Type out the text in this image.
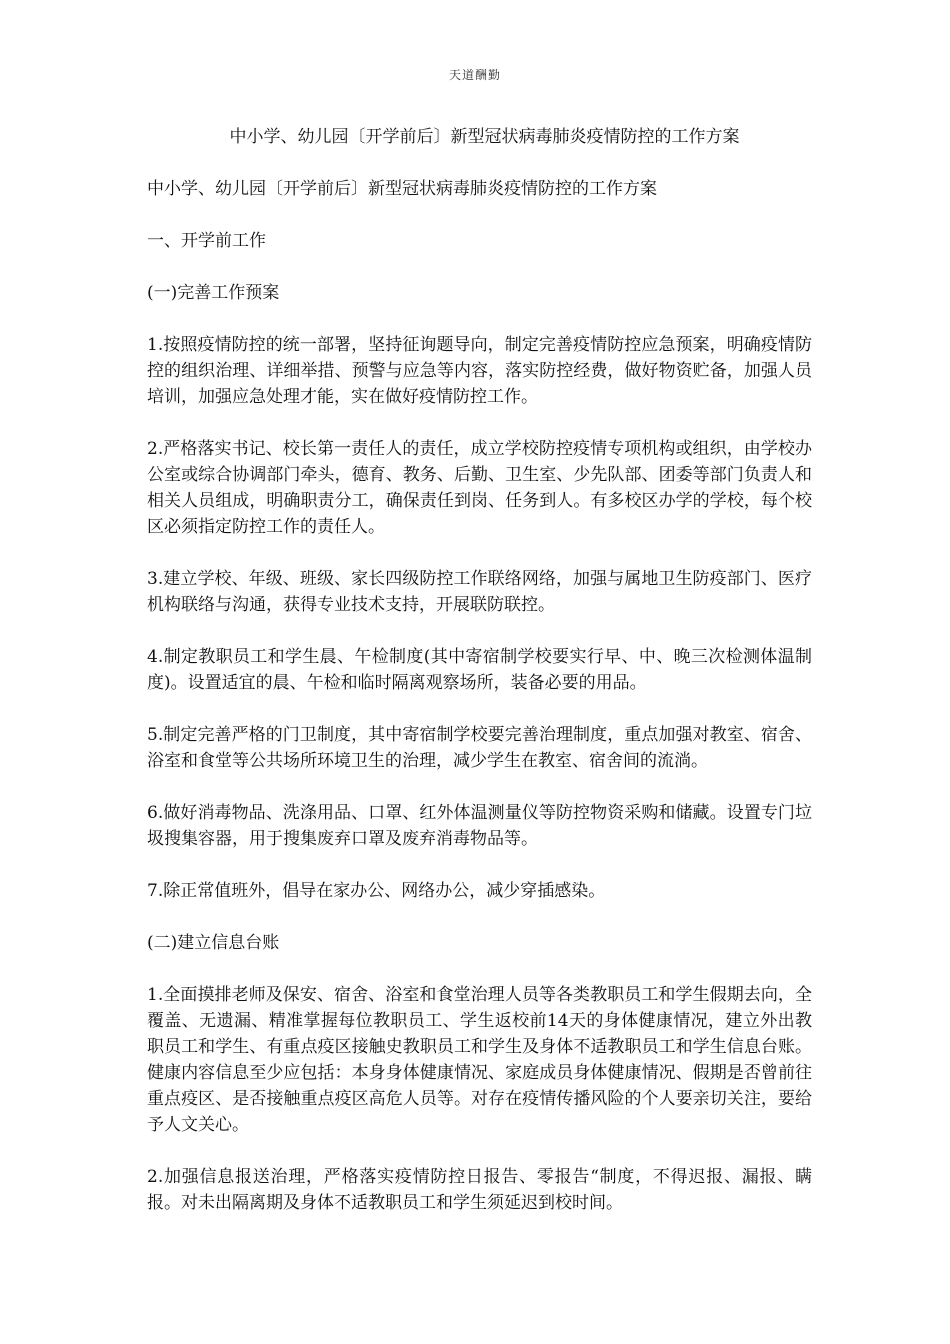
天道酬勤
中小学、幼儿园〔开学前后〕新型冠状病毒肺炎疫情防控的工作方案

中小学、幼儿园〔开学前后〕新型冠状病毒肺炎疫情防控的工作方案

一、开学前工作

(一)完善工作预案

1.按照疫情防控的统一部署，坚持征询题导向，制定完善疫情防控应急预案，明确疫情防控的组织治理、详细举措、预警与应急等内容，落实防控经费，做好物资贮备，加强人员培训，加强应急处理才能，实在做好疫情防控工作。

2.严格落实书记、校长第一责任人的责任，成立学校防控疫情专项机构或组织，由学校办公室或综合协调部门牵头，德育、教务、后勤、卫生室、少先队部、团委等部门负责人和相关人员组成，明确职责分工，确保责任到岗、任务到人。有多校区办学的学校，每个校区必须指定防控工作的责任人。

3.建立学校、年级、班级、家长四级防控工作联络网络，加强与属地卫生防疫部门、医疗机构联络与沟通，获得专业技术支持，开展联防联控。

4.制定教职员工和学生晨、午检制度(其中寄宿制学校要实行早、中、晚三次检测体温制度)。设置适宜的晨、午检和临时隔离观察场所，装备必要的用品。

5.制定完善严格的门卫制度，其中寄宿制学校要完善治理制度，重点加强对教室、宿舍、浴室和食堂等公共场所环境卫生的治理，减少学生在教室、宿舍间的流淌。

6.做好消毒物品、洗涤用品、口罩、红外体温测量仪等防控物资采购和储藏。设置专门垃圾搜集容器，用于搜集废弃口罩及废弃消毒物品等。

7.除正常值班外，倡导在家办公、网络办公，减少穿插感染。

(二)建立信息台账

1.全面摸排老师及保安、宿舍、浴室和食堂治理人员等各类教职员工和学生假期去向，全覆盖、无遗漏、精准掌握每位教职员工、学生返校前14天的身体健康情况，建立外出教职员工和学生、有重点疫区接触史教职员工和学生及身体不适教职员工和学生信息台账。健康内容信息至少应包括：本身身体健康情况、家庭成员身体健康情况、假期是否曾前往重点疫区、是否接触重点疫区高危人员等。对存在疫情传播风险的个人要亲切关注，要给予人文关心。

2.加强信息报送治理，严格落实疫情防控日报告、零报告“制度，不得迟报、漏报、瞒报。对未出隔离期及身体不适教职员工和学生须延迟到校时间。
